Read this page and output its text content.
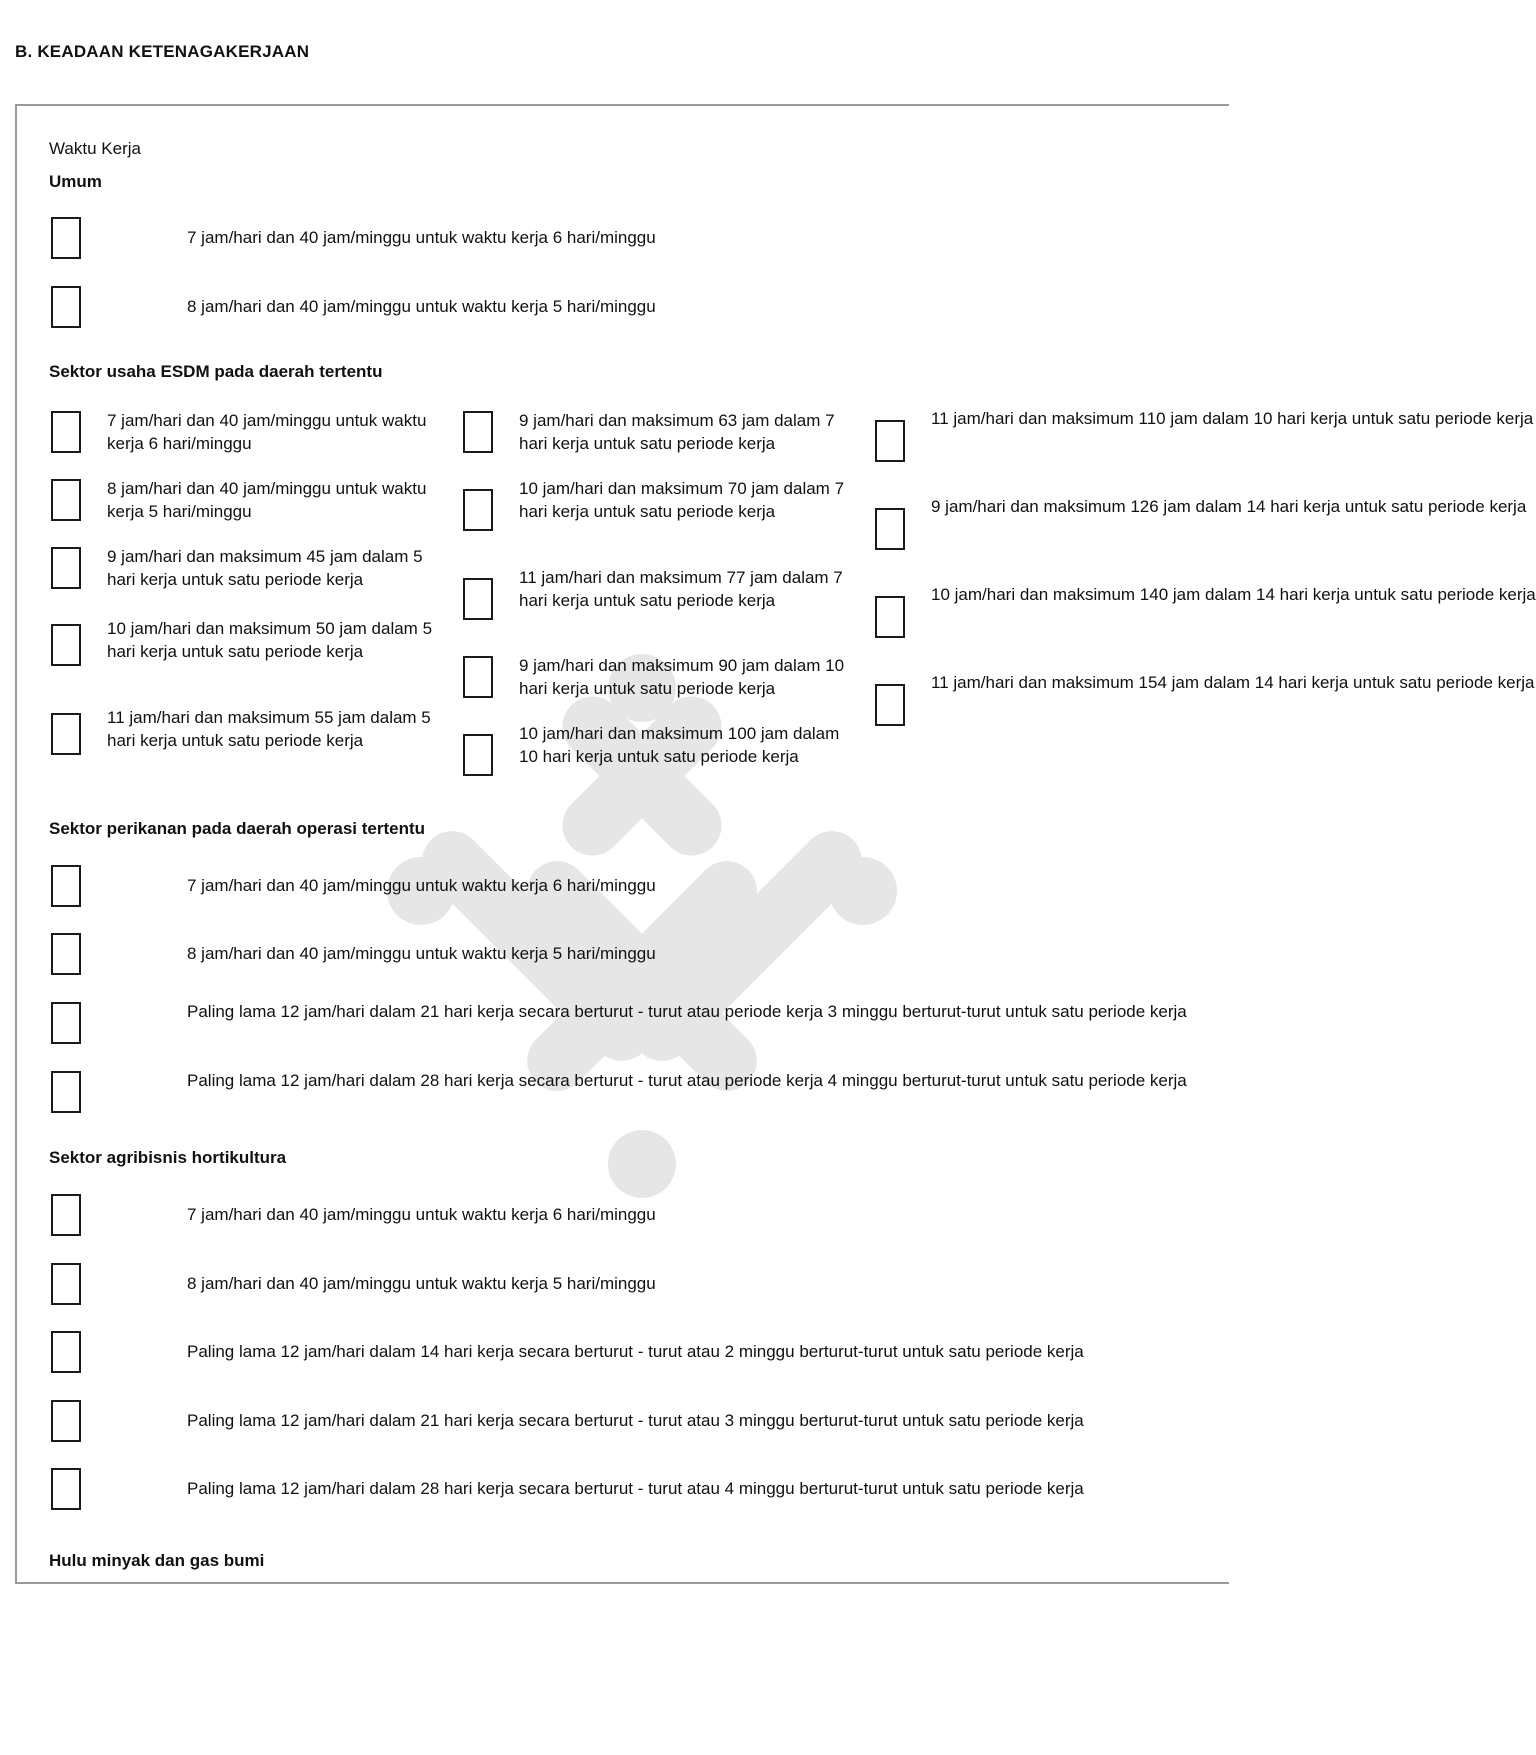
B. KEADAAN KETENAGAKERJAAN
Waktu Kerja
Umum
7 jam/hari dan 40 jam/minggu untuk waktu kerja 6 hari/minggu
8 jam/hari dan 40 jam/minggu untuk waktu kerja 5 hari/minggu
Sektor usaha ESDM pada daerah tertentu
7 jam/hari dan 40 jam/minggu untuk waktu kerja 6 hari/minggu
8 jam/hari dan 40 jam/minggu untuk waktu kerja 5 hari/minggu
9 jam/hari dan maksimum 45 jam dalam 5 hari kerja untuk satu periode kerja
10 jam/hari dan maksimum 50 jam dalam 5 hari kerja untuk satu periode kerja
11 jam/hari dan maksimum 55 jam dalam 5 hari kerja untuk satu periode kerja
9 jam/hari dan maksimum 63 jam dalam 7 hari kerja untuk satu periode kerja
10 jam/hari dan maksimum 70 jam dalam 7 hari kerja untuk satu periode kerja
11 jam/hari dan maksimum 77 jam dalam 7 hari kerja untuk satu periode kerja
9 jam/hari dan maksimum 90 jam dalam 10 hari kerja untuk satu periode kerja
10 jam/hari dan maksimum 100 jam dalam 10 hari kerja untuk satu periode kerja
11 jam/hari dan maksimum 110 jam dalam 10 hari kerja untuk satu periode kerja
9 jam/hari dan maksimum 126 jam dalam 14 hari kerja untuk satu periode kerja
10 jam/hari dan maksimum 140 jam dalam 14 hari kerja untuk satu periode kerja
11 jam/hari dan maksimum 154 jam dalam 14 hari kerja untuk satu periode kerja
Sektor perikanan pada daerah operasi tertentu
7 jam/hari dan 40 jam/minggu untuk waktu kerja 6 hari/minggu
8 jam/hari dan 40 jam/minggu untuk waktu kerja 5 hari/minggu
Paling lama 12 jam/hari dalam 21 hari kerja secara berturut - turut atau periode kerja 3 minggu berturut-turut untuk satu periode kerja
Paling lama 12 jam/hari dalam 28 hari kerja secara berturut - turut atau periode kerja 4 minggu berturut-turut untuk satu periode kerja
Sektor agribisnis hortikultura
7 jam/hari dan 40 jam/minggu untuk waktu kerja 6 hari/minggu
8 jam/hari dan 40 jam/minggu untuk waktu kerja 5 hari/minggu
Paling lama 12 jam/hari dalam 14 hari kerja secara berturut - turut atau 2 minggu berturut-turut untuk satu periode kerja
Paling lama 12 jam/hari dalam 21 hari kerja secara berturut - turut atau 3 minggu berturut-turut untuk satu periode kerja
Paling lama 12 jam/hari dalam 28 hari kerja secara berturut - turut atau 4 minggu berturut-turut untuk satu periode kerja
Hulu minyak dan gas bumi
